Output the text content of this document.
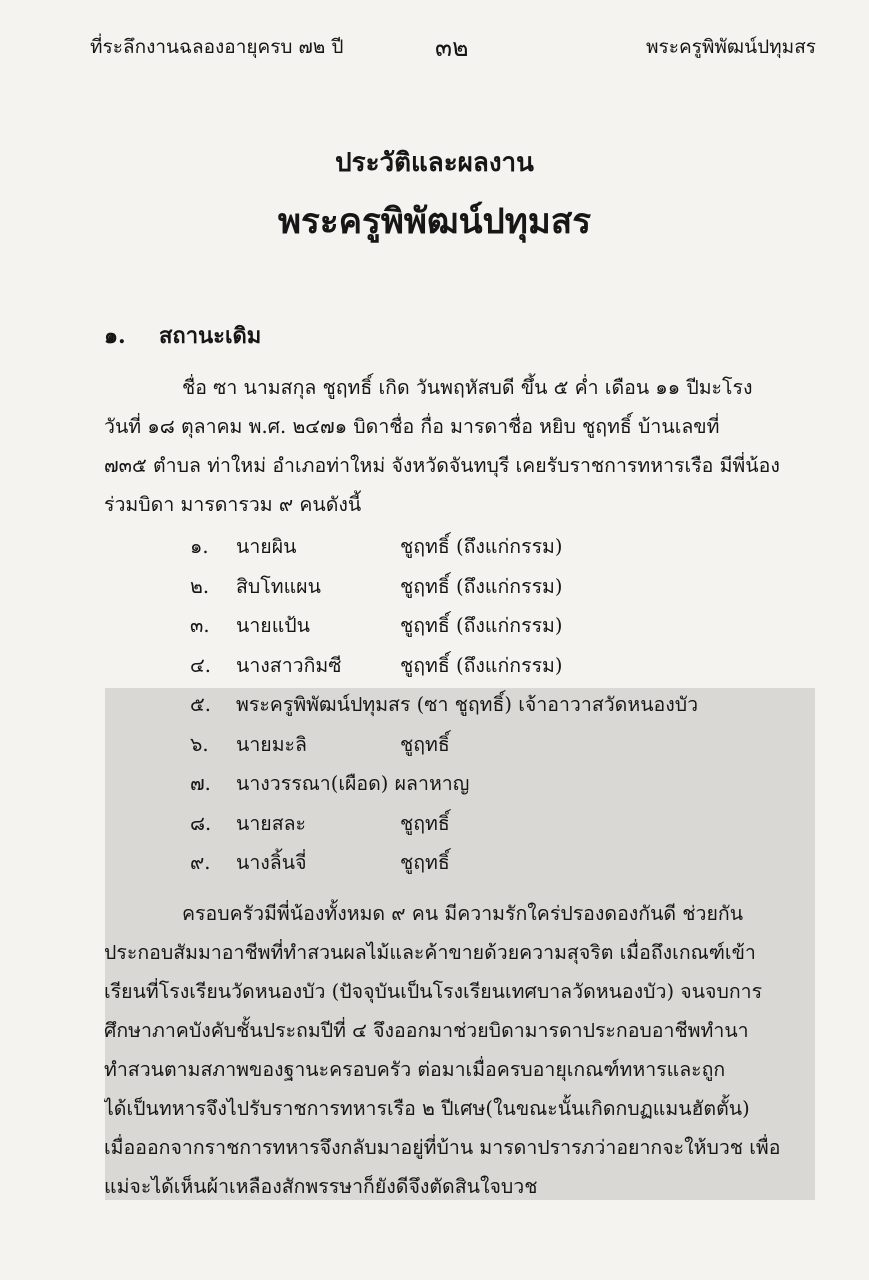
ที่ระลึกงานฉลองอายุครบ ๗๒ ปี	๓๒	พระครูพิพัฒน์ปทุมสร
ประวัติและผลงาน
พระครูพิพัฒน์ปทุมสร
๑. สถานะเดิม
ชื่อ ซา นามสกุล ชูฤทธิ์ เกิด วันพฤหัสบดี ขึ้น ๕ ค่ำ เดือน ๑๑ ปีมะโรง
วันที่ ๑๘ ตุลาคม พ.ศ. ๒๔๗๑ บิดาชื่อ กื่อ มารดาชื่อ หยิบ ชูฤทธิ์ บ้านเลขที่
๗๓๕ ตำบล ท่าใหม่ อำเภอท่าใหม่ จังหวัดจันทบุรี เคยรับราชการทหารเรือ มีพี่น้อง
ร่วมบิดา มารดารวม ๙ คนดังนี้
๑.	นายผิน	ชูฤทธิ์ (ถึงแก่กรรม)
๒.	สิบโทแผน	ชูฤทธิ์ (ถึงแก่กรรม)
๓.	นายแป้น	ชูฤทธิ์ (ถึงแก่กรรม)
๔.	นางสาวกิมซี	ชูฤทธิ์ (ถึงแก่กรรม)
๕.	พระครูพิพัฒน์ปทุมสร (ซา ชูฤทธิ์) เจ้าอาวาสวัดหนองบัว
๖.	นายมะลิ	ชูฤทธิ์
๗.	นางวรรณา(เผือด) ผลาหาญ
๘.	นายสละ	ชูฤทธิ์
๙.	นางลิ้นจี่	ชูฤทธิ์
ครอบครัวมีพี่น้องทั้งหมด ๙ คน มีความรักใคร่ปรองดองกันดี ช่วยกัน
ประกอบสัมมาอาชีพที่ทำสวนผลไม้และค้าขายด้วยความสุจริต เมื่อถึงเกณฑ์เข้า
เรียนที่โรงเรียนวัดหนองบัว (ปัจจุบันเป็นโรงเรียนเทศบาลวัดหนองบัว) จนจบการ
ศึกษาภาคบังคับชั้นประถมปีที่ ๔ จึงออกมาช่วยบิดามารดาประกอบอาชีพทำนา
ทำสวนตามสภาพของฐานะครอบครัว ต่อมาเมื่อครบอายุเกณฑ์ทหารและถูก
ได้เป็นทหารจึงไปรับราชการทหารเรือ ๒ ปีเศษ(ในขณะนั้นเกิดกบฏแมนฮัตตั้น)
เมื่อออกจากราชการทหารจึงกลับมาอยู่ที่บ้าน มารดาปรารภว่าอยากจะให้บวช เพื่อ
แม่จะได้เห็นผ้าเหลืองสักพรรษาก็ยังดีจึงตัดสินใจบวช
